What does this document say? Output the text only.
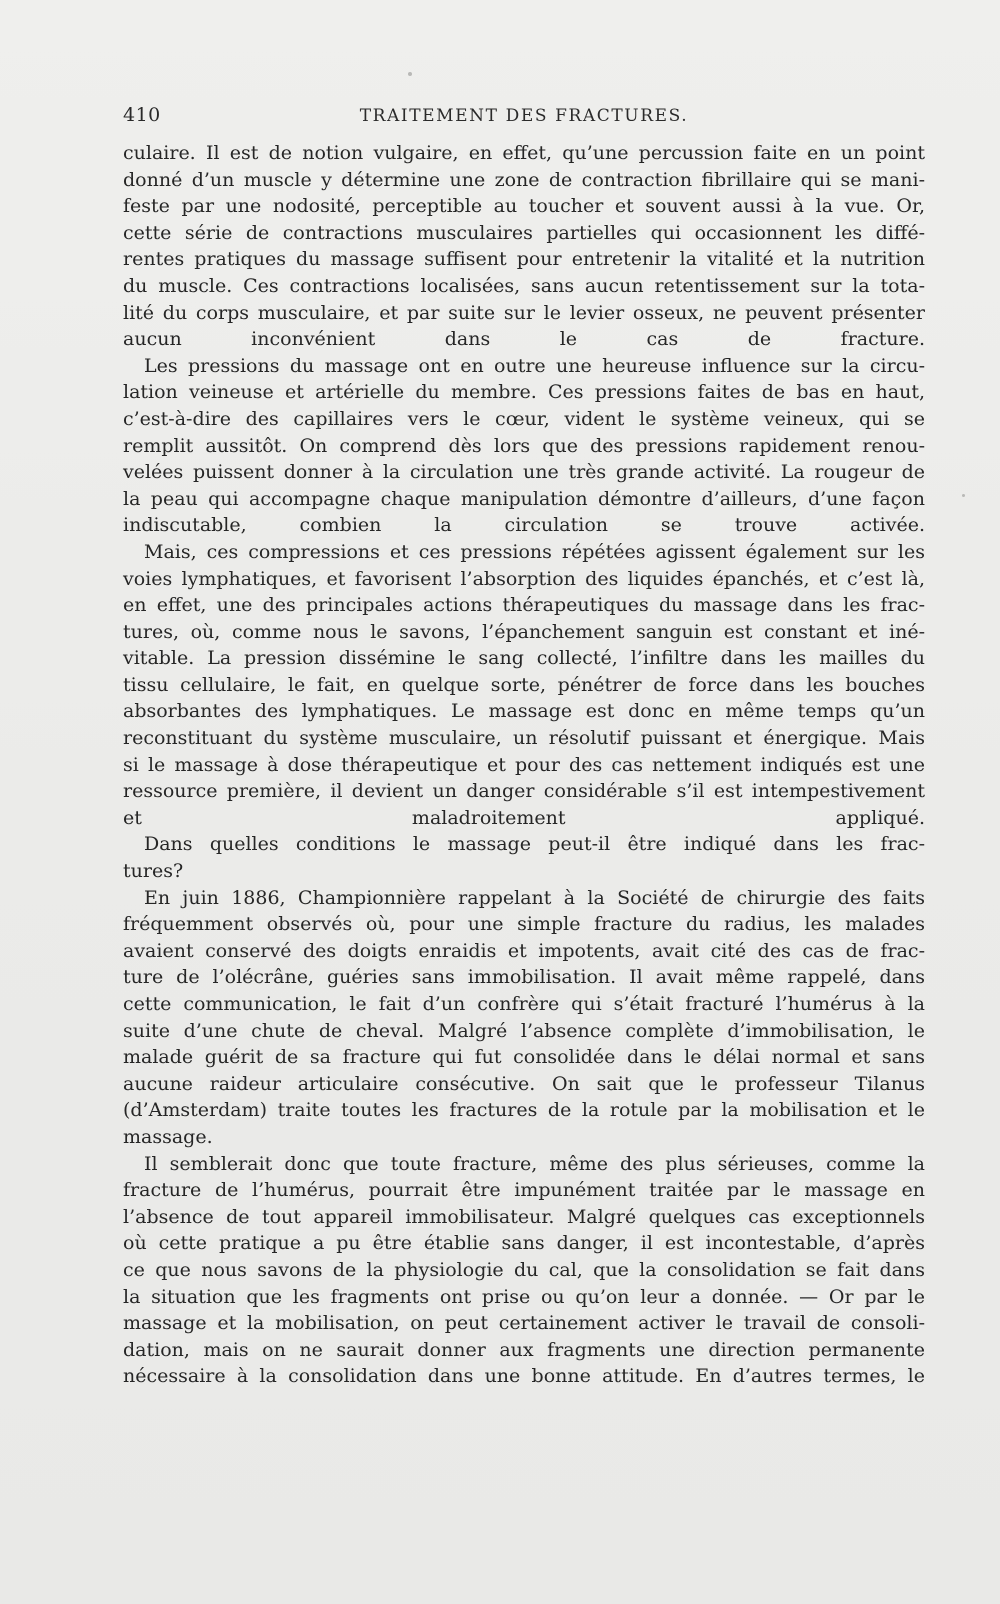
410	TRAITEMENT DES FRACTURES.

culaire. Il est de notion vulgaire, en effet, qu’une percussion faite en un point
donné d’un muscle y détermine une zone de contraction fibrillaire qui se mani-
feste par une nodosité, perceptible au toucher et souvent aussi à la vue. Or,
cette série de contractions musculaires partielles qui occasionnent les diffé-
rentes pratiques du massage suffisent pour entretenir la vitalité et la nutrition
du muscle. Ces contractions localisées, sans aucun retentissement sur la tota-
lité du corps musculaire, et par suite sur le levier osseux, ne peuvent présenter
aucun inconvénient dans le cas de fracture.

Les pressions du massage ont en outre une heureuse influence sur la circu-
lation veineuse et artérielle du membre. Ces pressions faites de bas en haut,
c’est-à-dire des capillaires vers le cœur, vident le système veineux, qui se
remplit aussitôt. On comprend dès lors que des pressions rapidement renou-
velées puissent donner à la circulation une très grande activité. La rougeur de
la peau qui accompagne chaque manipulation démontre d’ailleurs, d’une façon
indiscutable, combien la circulation se trouve activée.

Mais, ces compressions et ces pressions répétées agissent également sur les
voies lymphatiques, et favorisent l’absorption des liquides épanchés, et c’est là,
en effet, une des principales actions thérapeutiques du massage dans les frac-
tures, où, comme nous le savons, l’épanchement sanguin est constant et iné-
vitable. La pression dissémine le sang collecté, l’infiltre dans les mailles du
tissu cellulaire, le fait, en quelque sorte, pénétrer de force dans les bouches
absorbantes des lymphatiques. Le massage est donc en même temps qu’un
reconstituant du système musculaire, un résolutif puissant et énergique. Mais
si le massage à dose thérapeutique et pour des cas nettement indiqués est une
ressource première, il devient un danger considérable s’il est intempestivement
et maladroitement appliqué.

Dans quelles conditions le massage peut-il être indiqué dans les frac-
tures?

En juin 1886, Championnière rappelant à la Société de chirurgie des faits
fréquemment observés où, pour une simple fracture du radius, les malades
avaient conservé des doigts enraidis et impotents, avait cité des cas de frac-
ture de l’olécrâne, guéries sans immobilisation. Il avait même rappelé, dans
cette communication, le fait d’un confrère qui s’était fracturé l’humérus à la
suite d’une chute de cheval. Malgré l’absence complète d’immobilisation, le
malade guérit de sa fracture qui fut consolidée dans le délai normal et sans
aucune raideur articulaire consécutive. On sait que le professeur Tilanus
(d’Amsterdam) traite toutes les fractures de la rotule par la mobilisation et le
massage.

Il semblerait donc que toute fracture, même des plus sérieuses, comme la
fracture de l’humérus, pourrait être impunément traitée par le massage en
l’absence de tout appareil immobilisateur. Malgré quelques cas exceptionnels
où cette pratique a pu être établie sans danger, il est incontestable, d’après
ce que nous savons de la physiologie du cal, que la consolidation se fait dans
la situation que les fragments ont prise ou qu’on leur a donnée. — Or par le
massage et la mobilisation, on peut certainement activer le travail de consoli-
dation, mais on ne saurait donner aux fragments une direction permanente
nécessaire à la consolidation dans une bonne attitude. En d’autres termes, le
